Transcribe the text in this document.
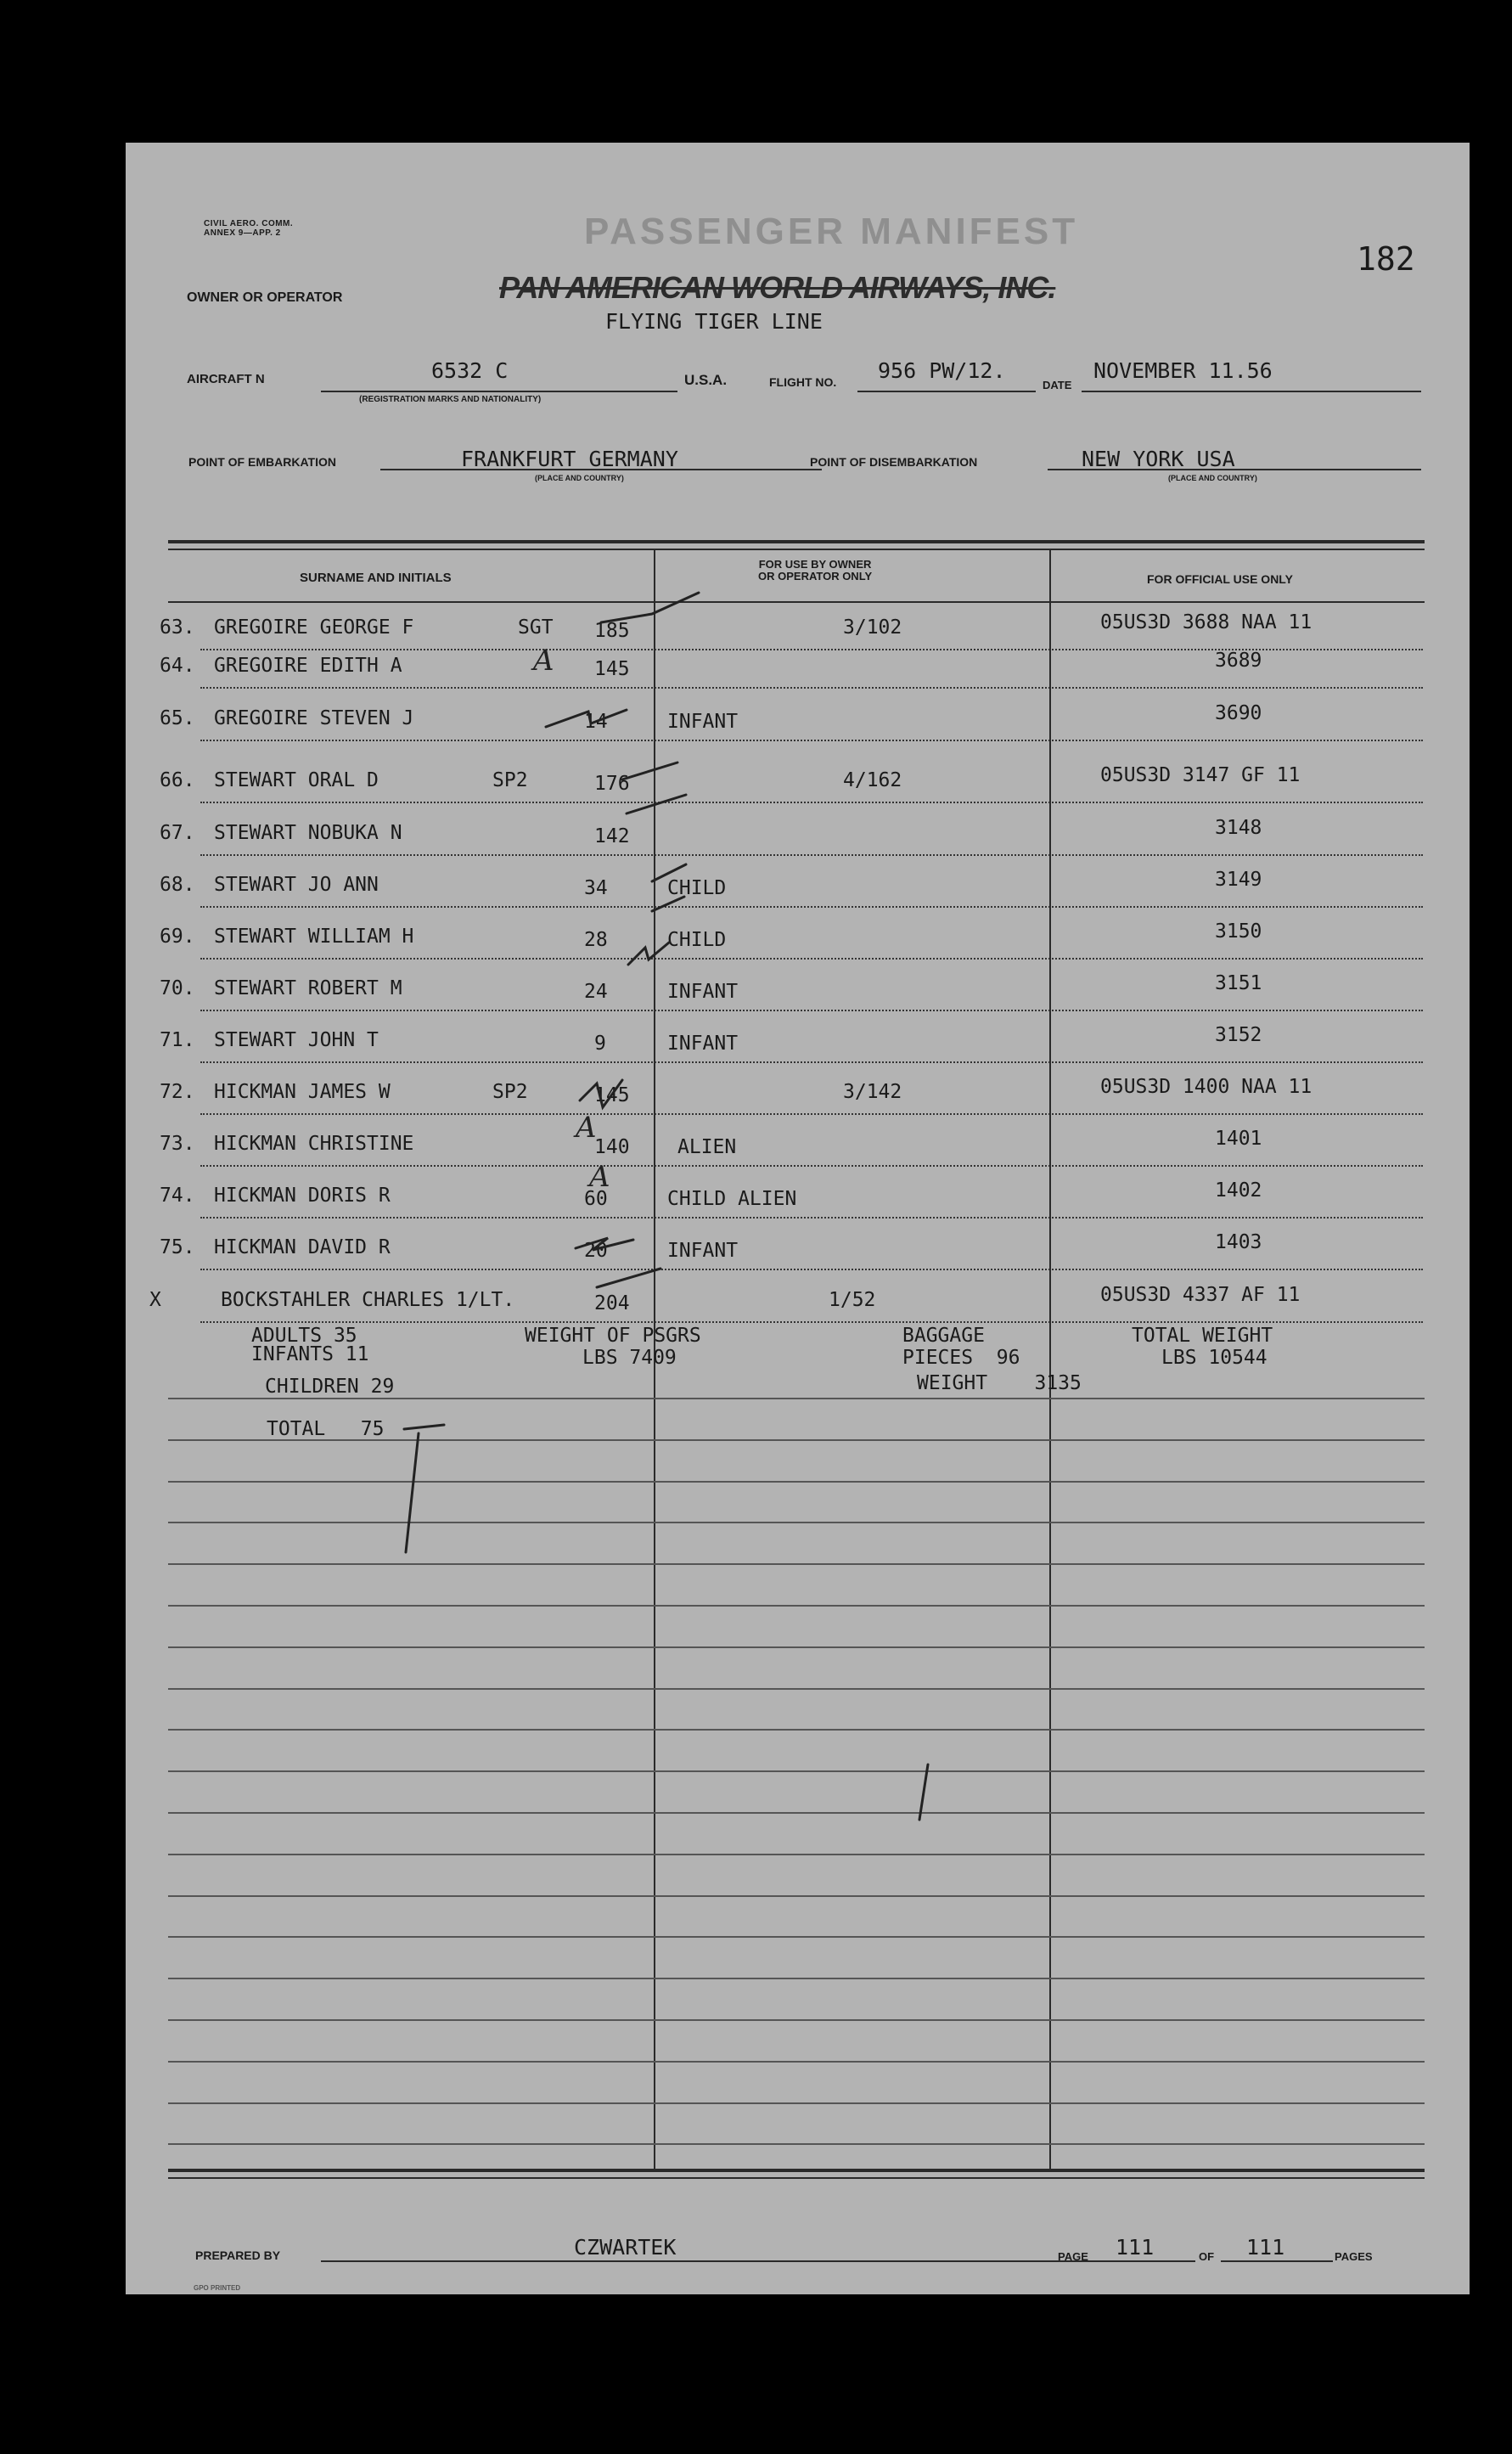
CIVIL AERO. COMM.
ANNEX 9—APP. 2	PASSENGER MANIFEST
182
OWNER OR OPERATOR	PAN AMERICAN WORLD AIRWAYS, INC.
FLYING TIGER LINE
AIRCRAFT N	6532 C
(REGISTRATION MARKS AND NATIONALITY)
U.S.A.	FLIGHT NO. 956 PW/12.
DATE
NOVEMBER 11.56
POINT OF EMBARKATION	FRANKFURT GERMANY
(PLACE AND COUNTRY)
POINT OF DISEMBARKATION	NEW YORK USA
(PLACE AND COUNTRY)
SURNAME AND INITIALS
FOR USE BY OWNER
OR OPERATOR ONLY	FOR OFFICIAL USE ONLY
63. GREGOIRE GEORGE F	SGT 185	3/102	05US3D 3688 NAA 11
64. GREGOIRE EDITH A	145	3689
65. GREGOIRE STEVEN J	14	INFANT	3690
66. STEWART ORAL D	SP2	176	4/162	05US3D 3147 GF 11
67. STEWART NOBUKA N	142	3148
68. STEWART JO ANN	34	CHILD	3149
69. STEWART WILLIAM H	28	CHILD	3150
70. STEWART ROBERT M	24	INFANT	3151
71. STEWART JOHN T	9	INFANT	3152
72. HICKMAN JAMES W	SP2	145	3/142	05US3D 1400 NAA 11
73. HICKMAN CHRISTINE	140 ALIEN	1401
74. HICKMAN DORIS R	60	CHILD ALIEN	1402
75. HICKMAN DAVID R	20	INFANT	1403
X	BOCKSTAHLER CHARLES 1/LT.	204	1/52	05US3D 4337 AF 11
ADULTS 35
INFANTS 11
CHILDREN 29
TOTAL 75
WEIGHT OF PSGRS
LBS 7409
BAGGAGE
PIECES 96
WEIGHT 3135
TOTAL WEIGHT
LBS 10544
PREPARED BY	CZWARTEK	PAGE 111	OF 111	PAGES
GPO PRINTED
A
A
A
